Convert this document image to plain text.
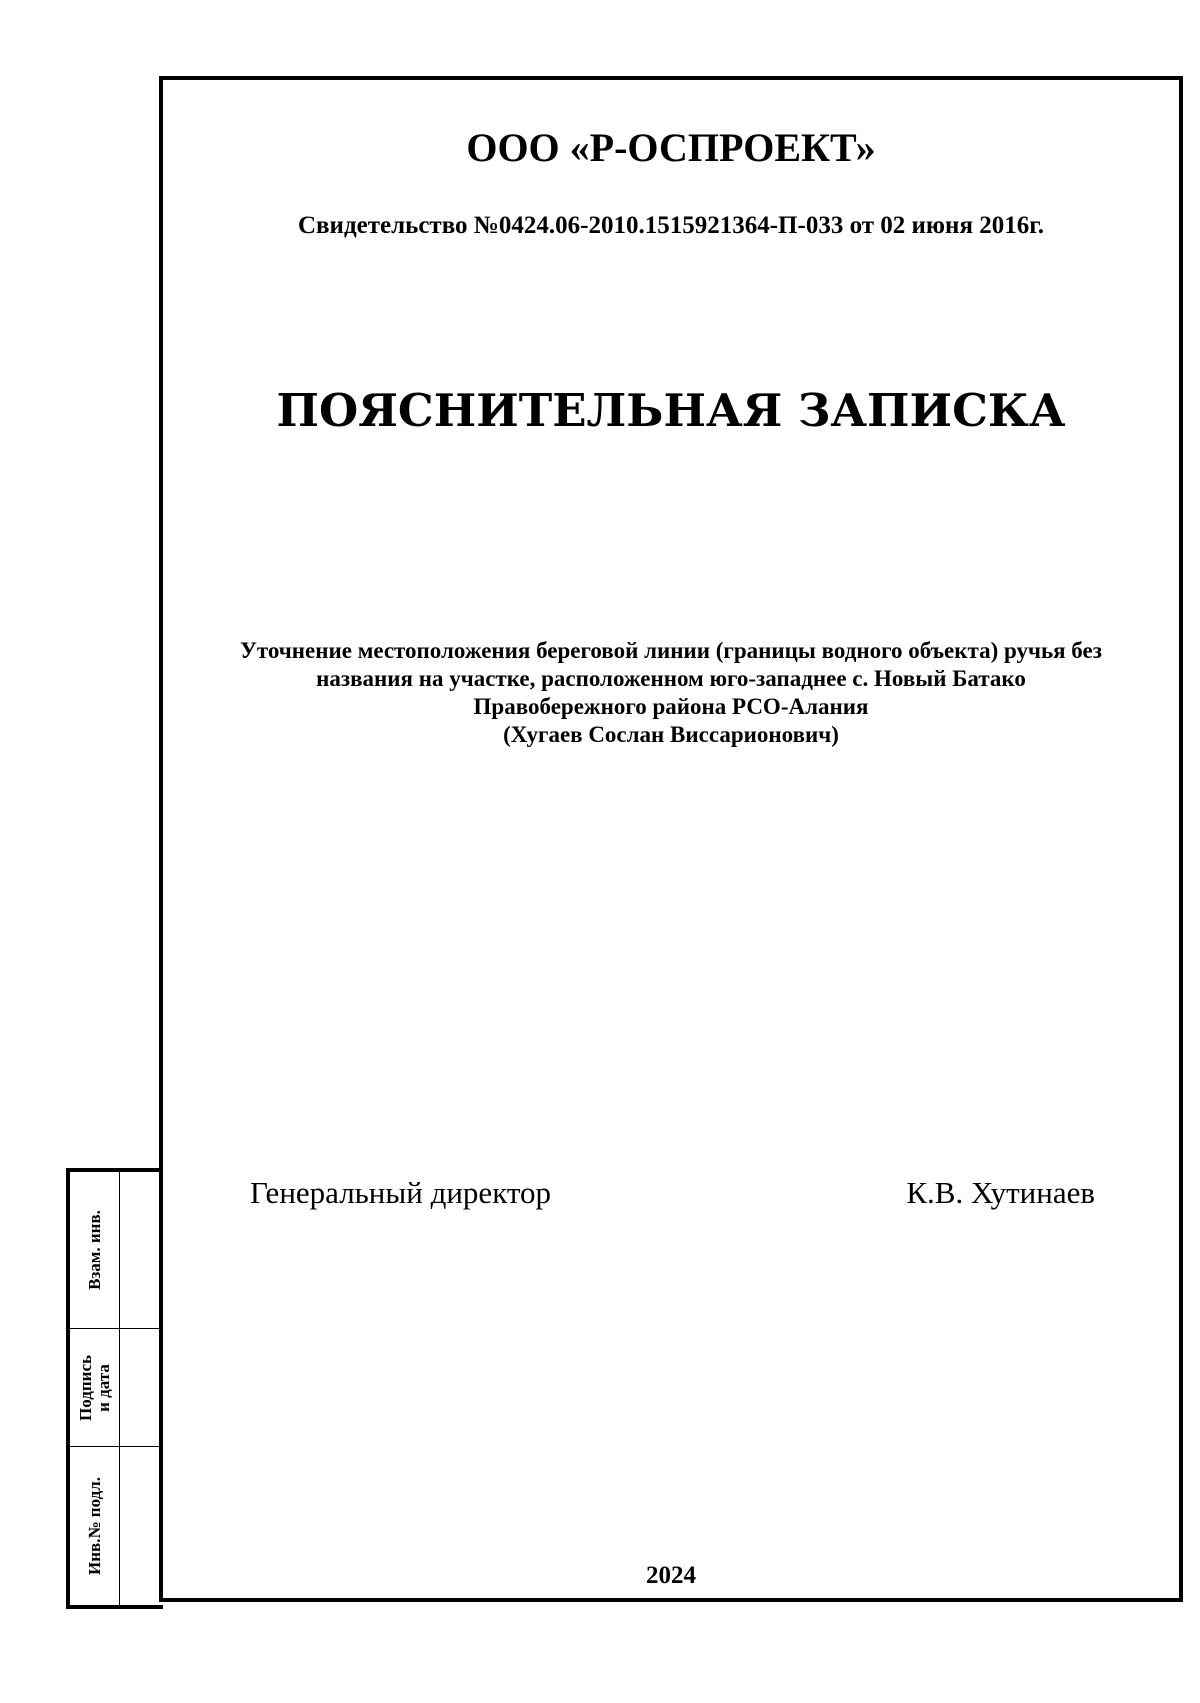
Взам. инв.
Подпись и дата
Инв.№ подл.
ООО «Р-ОСПРОЕКТ»
Свидетельство №0424.06-2010.1515921364-П-033 от 02 июня 2016г.
ПОЯСНИТЕЛЬНАЯ ЗАПИСКА
Уточнение местоположения береговой линии (границы водного объекта) ручья без
названия на участке, расположенном юго-западнее с. Новый Батако
Правобережного района РСО-Алания
(Хугаев Сослан Виссарионович)
Генеральный директор	К.В. Хутинаев
2024
